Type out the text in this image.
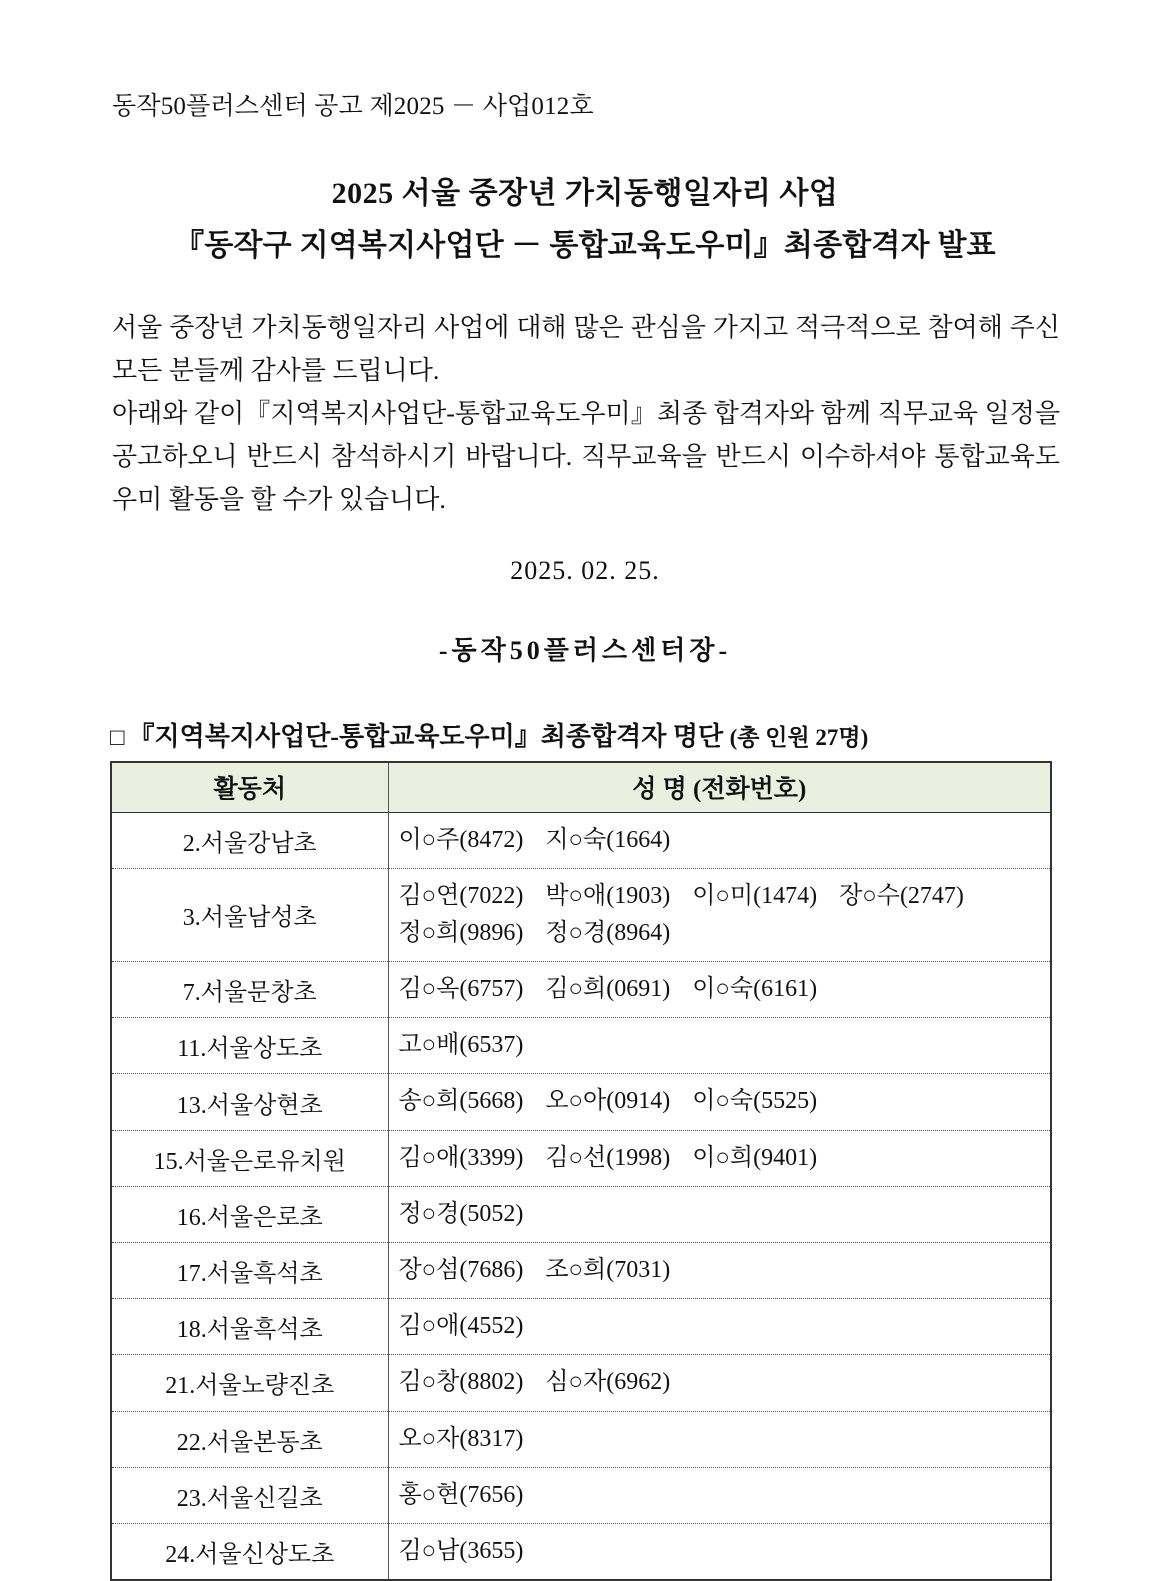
동작50플러스센터 공고 제2025 － 사업012호
2025 서울 중장년 가치동행일자리 사업
『동작구 지역복지사업단 － 통합교육도우미』최종합격자 발표

서울 중장년 가치동행일자리 사업에 대해 많은 관심을 가지고 적극적으로 참여해 주신 모든 분들께 감사를 드립니다.

아래와 같이『지역복지사업단-통합교육도우미』최종 합격자와 함께 직무교육 일정을 공고하오니 반드시 참석하시기 바랍니다. 직무교육을 반드시 이수하셔야 통합교육도우미 활동을 할 수가 있습니다.

2025. 02. 25.
-동작50플러스센터장-
□ 『지역복지사업단-통합교육도우미』최종합격자 명단 (총 인원 27명)
활동처	성 명 (전화번호)
2.서울강남초	이○주(8472) 지○숙(1664)

3.서울남성초	김○연(7022) 박○애(1903) 이○미(1474) 장○수(2747)
정○희(9896) 정○경(8964)

7.서울문창초	김○옥(6757) 김○희(0691) 이○숙(6161)

11.서울상도초	고○배(6537)

13.서울상현초	송○희(5668) 오○아(0914) 이○숙(5525)

15.서울은로유치원	김○애(3399) 김○선(1998) 이○희(9401)

16.서울은로초	정○경(5052)

17.서울흑석초	장○섬(7686) 조○희(7031)

18.서울흑석초	김○애(4552)

21.서울노량진초	김○창(8802) 심○자(6962)

22.서울본동초	오○자(8317)

23.서울신길초	홍○현(7656)

24.서울신상도초	김○남(3655)
